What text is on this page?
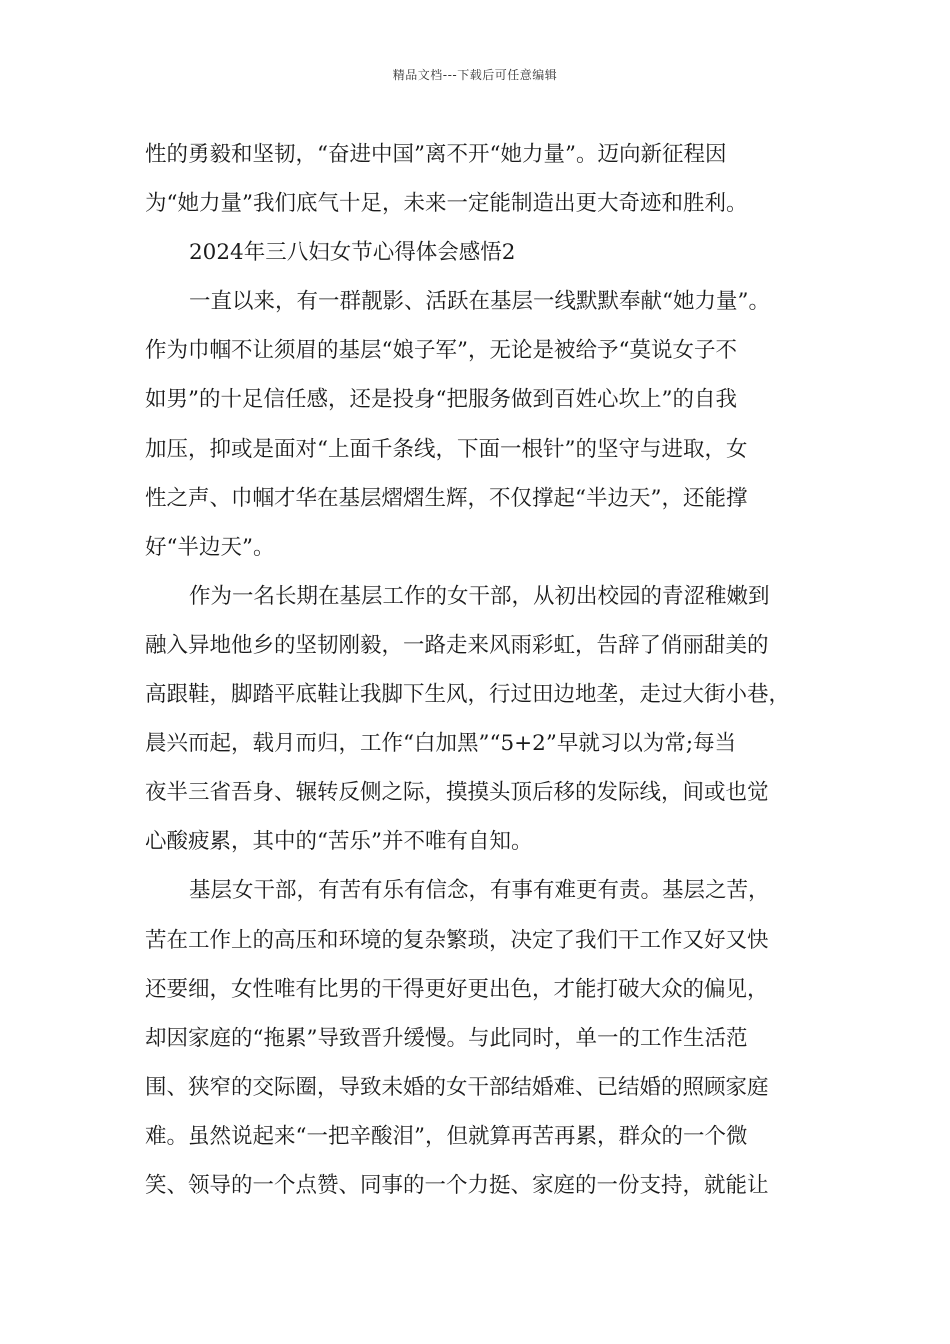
精品文档---下载后可任意编辑
性的勇毅和坚韧，“奋进中国”离不开“她力量”。迈向新征程因
为“她力量”我们底气十足，未来一定能制造出更大奇迹和胜利。
2024年三八妇女节心得体会感悟2
一直以来，有一群靓影、活跃在基层一线默默奉献“她力量”。
作为巾帼不让须眉的基层“娘子军”，无论是被给予“莫说女子不
如男”的十足信任感，还是投身“把服务做到百姓心坎上”的自我
加压，抑或是面对“上面千条线，下面一根针”的坚守与进取，女
性之声、巾帼才华在基层熠熠生辉，不仅撑起“半边天”，还能撑
好“半边天”。
作为一名长期在基层工作的女干部，从初出校园的青涩稚嫩到
融入异地他乡的坚韧刚毅，一路走来风雨彩虹，告辞了俏丽甜美的
高跟鞋，脚踏平底鞋让我脚下生风，行过田边地垄，走过大街小巷，
晨兴而起，载月而归，工作“白加黑”“5+2”早就习以为常;每当
夜半三省吾身、辗转反侧之际，摸摸头顶后移的发际线，间或也觉
心酸疲累，其中的“苦乐”并不唯有自知。
基层女干部，有苦有乐有信念，有事有难更有责。基层之苦，
苦在工作上的高压和环境的复杂繁琐，决定了我们干工作又好又快
还要细，女性唯有比男的干得更好更出色，才能打破大众的偏见，
却因家庭的“拖累”导致晋升缓慢。与此同时，单一的工作生活范
围、狭窄的交际圈，导致未婚的女干部结婚难、已结婚的照顾家庭
难。虽然说起来“一把辛酸泪”，但就算再苦再累，群众的一个微
笑、领导的一个点赞、同事的一个力挺、家庭的一份支持，就能让
